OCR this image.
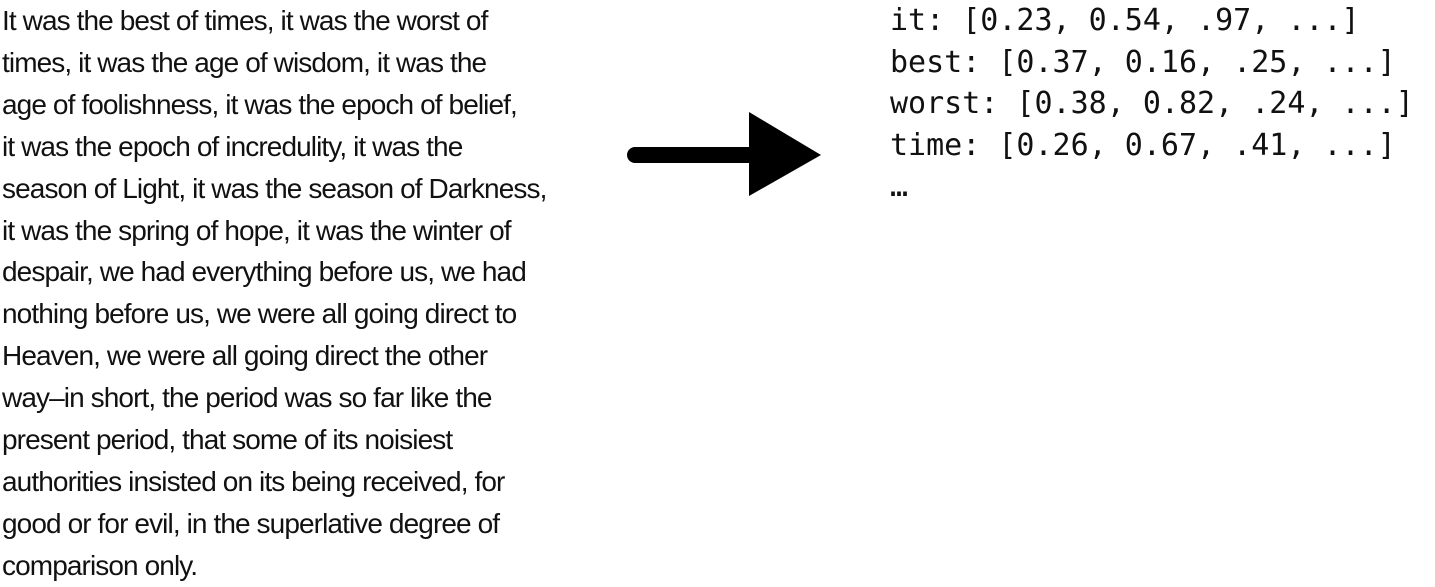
It was the best of times, it was the worst of
times, it was the age of wisdom, it was the
age of foolishness, it was the epoch of belief,
it was the epoch of incredulity, it was the
season of Light, it was the season of Darkness,
it was the spring of hope, it was the winter of
despair, we had everything before us, we had
nothing before us, we were all going direct to
Heaven, we were all going direct the other
way–in short, the period was so far like the
present period, that some of its noisiest
authorities insisted on its being received, for
good or for evil, in the superlative degree of
comparison only.
it: [0.23, 0.54, .97, ...]
best: [0.37, 0.16, .25, ...]
worst: [0.38, 0.82, .24, ...]
time: [0.26, 0.67, .41, ...]
…
